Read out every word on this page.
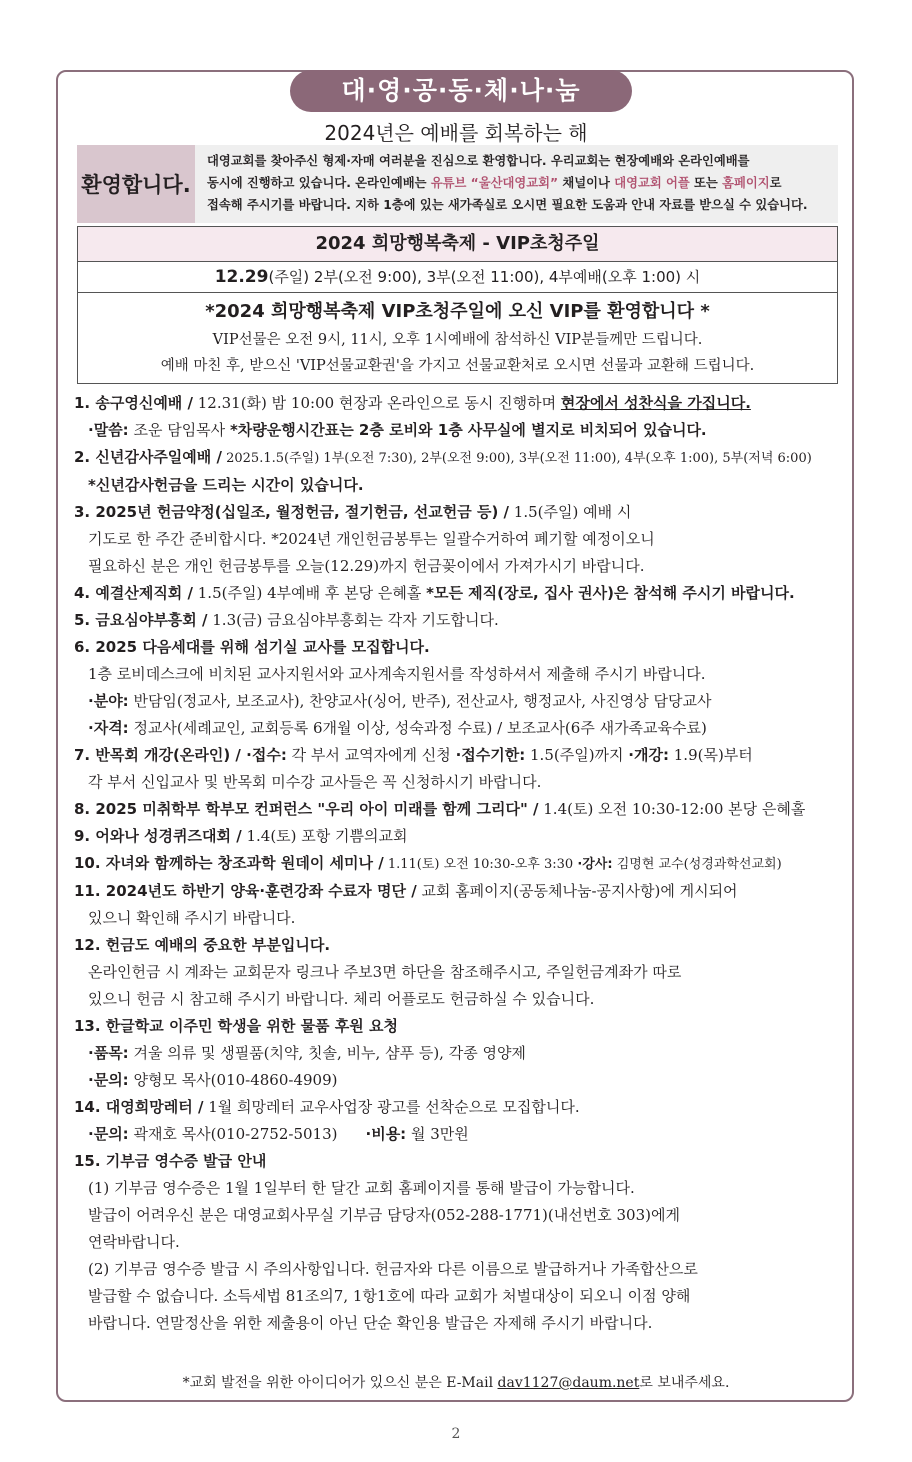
대·영·공·동·체·나·눔
2024년은 예배를 회복하는 해
환영합니다.
대영교회를 찾아주신 형제·자매 여러분을 진심으로 환영합니다. 우리교회는 현장예배와 온라인예배를
동시에 진행하고 있습니다. 온라인예배는 유튜브 “울산대영교회” 채널이나 대영교회 어플 또는 홈페이지로
접속해 주시기를 바랍니다. 지하 1층에 있는 새가족실로 오시면 필요한 도움과 안내 자료를 받으실 수 있습니다.
2024 희망행복축제 - VIP초청주일
12.29(주일) 2부(오전 9:00), 3부(오전 11:00), 4부예배(오후 1:00) 시
*2024 희망행복축제 VIP초청주일에 오신 VIP를 환영합니다 *
VIP선물은 오전 9시, 11시, 오후 1시예배에 참석하신 VIP분들께만 드립니다.
예배 마친 후, 받으신 'VIP선물교환권'을 가지고 선물교환처로 오시면 선물과 교환해 드립니다.
1. 송구영신예배 / 12.31(화) 밤 10:00 현장과 온라인으로 동시 진행하며 현장에서 성찬식을 가집니다.
·말씀: 조운 담임목사 *차량운행시간표는 2층 로비와 1층 사무실에 별지로 비치되어 있습니다.
2. 신년감사주일예배 / 2025.1.5(주일) 1부(오전 7:30), 2부(오전 9:00), 3부(오전 11:00), 4부(오후 1:00), 5부(저녁 6:00)
*신년감사헌금을 드리는 시간이 있습니다.
3. 2025년 헌금약정(십일조, 월정헌금, 절기헌금, 선교헌금 등) / 1.5(주일) 예배 시
기도로 한 주간 준비합시다. *2024년 개인헌금봉투는 일괄수거하여 폐기할 예정이오니
필요하신 분은 개인 헌금봉투를 오늘(12.29)까지 헌금꽂이에서 가져가시기 바랍니다.
4. 예결산제직회 / 1.5(주일) 4부예배 후 본당 은혜홀 *모든 제직(장로, 집사 권사)은 참석해 주시기 바랍니다.
5. 금요심야부흥회 / 1.3(금) 금요심야부흥회는 각자 기도합니다.
6. 2025 다음세대를 위해 섬기실 교사를 모집합니다.
1층 로비데스크에 비치된 교사지원서와 교사계속지원서를 작성하셔서 제출해 주시기 바랍니다.
·분야: 반담임(정교사, 보조교사), 찬양교사(싱어, 반주), 전산교사, 행정교사, 사진영상 담당교사
·자격: 정교사(세례교인, 교회등록 6개월 이상, 성숙과정 수료) / 보조교사(6주 새가족교육수료)
7. 반목회 개강(온라인) / ·접수: 각 부서 교역자에게 신청 ·접수기한: 1.5(주일)까지 ·개강: 1.9(목)부터
각 부서 신입교사 및 반목회 미수강 교사들은 꼭 신청하시기 바랍니다.
8. 2025 미취학부 학부모 컨퍼런스 "우리 아이 미래를 함께 그리다" / 1.4(토) 오전 10:30-12:00 본당 은혜홀
9. 어와나 성경퀴즈대회 / 1.4(토) 포항 기쁨의교회
10. 자녀와 함께하는 창조과학 원데이 세미나 / 1.11(토) 오전 10:30-오후 3:30 ·강사: 김명현 교수(성경과학선교회)
11. 2024년도 하반기 양육·훈련강좌 수료자 명단 / 교회 홈페이지(공동체나눔-공지사항)에 게시되어
있으니 확인해 주시기 바랍니다.
12. 헌금도 예배의 중요한 부분입니다.
온라인헌금 시 계좌는 교회문자 링크나 주보3면 하단을 참조해주시고, 주일헌금계좌가 따로
있으니 헌금 시 참고해 주시기 바랍니다. 체리 어플로도 헌금하실 수 있습니다.
13. 한글학교 이주민 학생을 위한 물품 후원 요청
·품목: 겨울 의류 및 생필품(치약, 칫솔, 비누, 샴푸 등), 각종 영양제
·문의: 양형모 목사(010-4860-4909)
14. 대영희망레터 / 1월 희망레터 교우사업장 광고를 선착순으로 모집합니다.
·문의: 곽재호 목사(010-2752-5013) ·비용: 월 3만원
15. 기부금 영수증 발급 안내
(1) 기부금 영수증은 1월 1일부터 한 달간 교회 홈페이지를 통해 발급이 가능합니다.
발급이 어려우신 분은 대영교회사무실 기부금 담당자(052-288-1771)(내선번호 303)에게
연락바랍니다.
(2) 기부금 영수증 발급 시 주의사항입니다. 헌금자와 다른 이름으로 발급하거나 가족합산으로
발급할 수 없습니다. 소득세법 81조의7, 1항1호에 따라 교회가 처벌대상이 되오니 이점 양해
바랍니다. 연말정산을 위한 제출용이 아닌 단순 확인용 발급은 자제해 주시기 바랍니다.
*교회 발전을 위한 아이디어가 있으신 분은 E-Mail dav1127@daum.net로 보내주세요.
2
